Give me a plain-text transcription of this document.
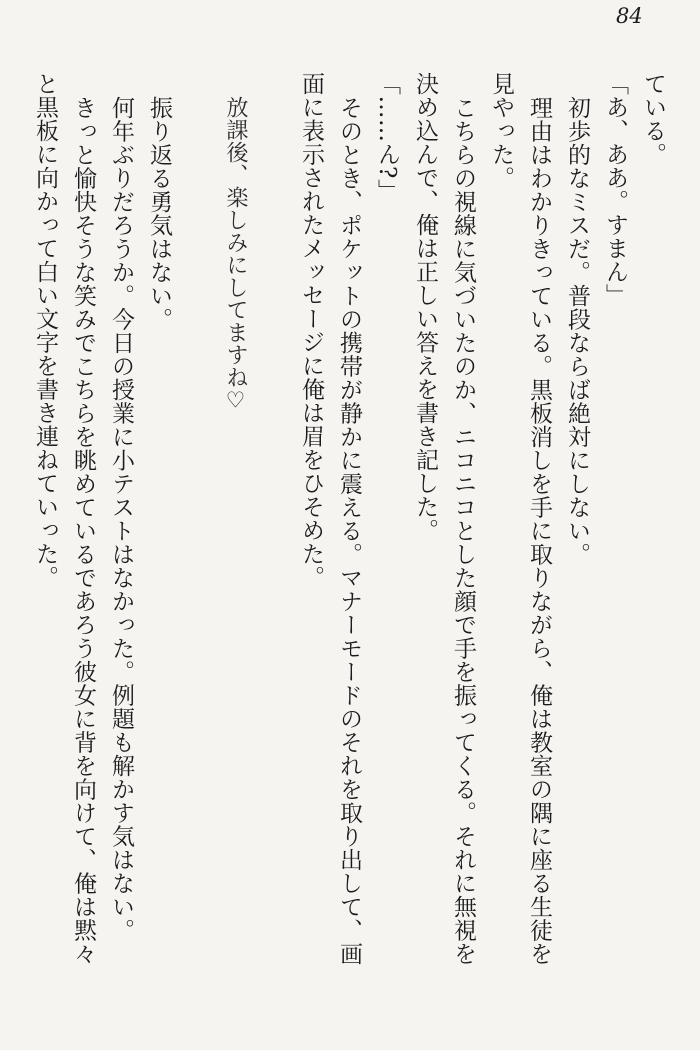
84
ている。
「あ、ああ。すまん」
初歩的なミスだ。普段ならば絶対にしない。
理由はわかりきっている。黒板消しを手に取りながら、俺は教室の隅に座る生徒を
見やった。
こちらの視線に気づいたのか、ニコニコとした顔で手を振ってくる。それに無視を
決め込んで、俺は正しい答えを書き記した。
「……ん?」
そのとき、ポケットの携帯が静かに震える。マナーモードのそれを取り出して、画
面に表示されたメッセージに俺は眉をひそめた。

放課後、楽しみにしてますね♡

振り返る勇気はない。
何年ぶりだろうか。今日の授業に小テストはなかった。例題も解かす気はない。
きっと愉快そうな笑みでこちらを眺めているであろう彼女に背を向けて、俺は黙々
と黒板に向かって白い文字を書き連ねていった。
